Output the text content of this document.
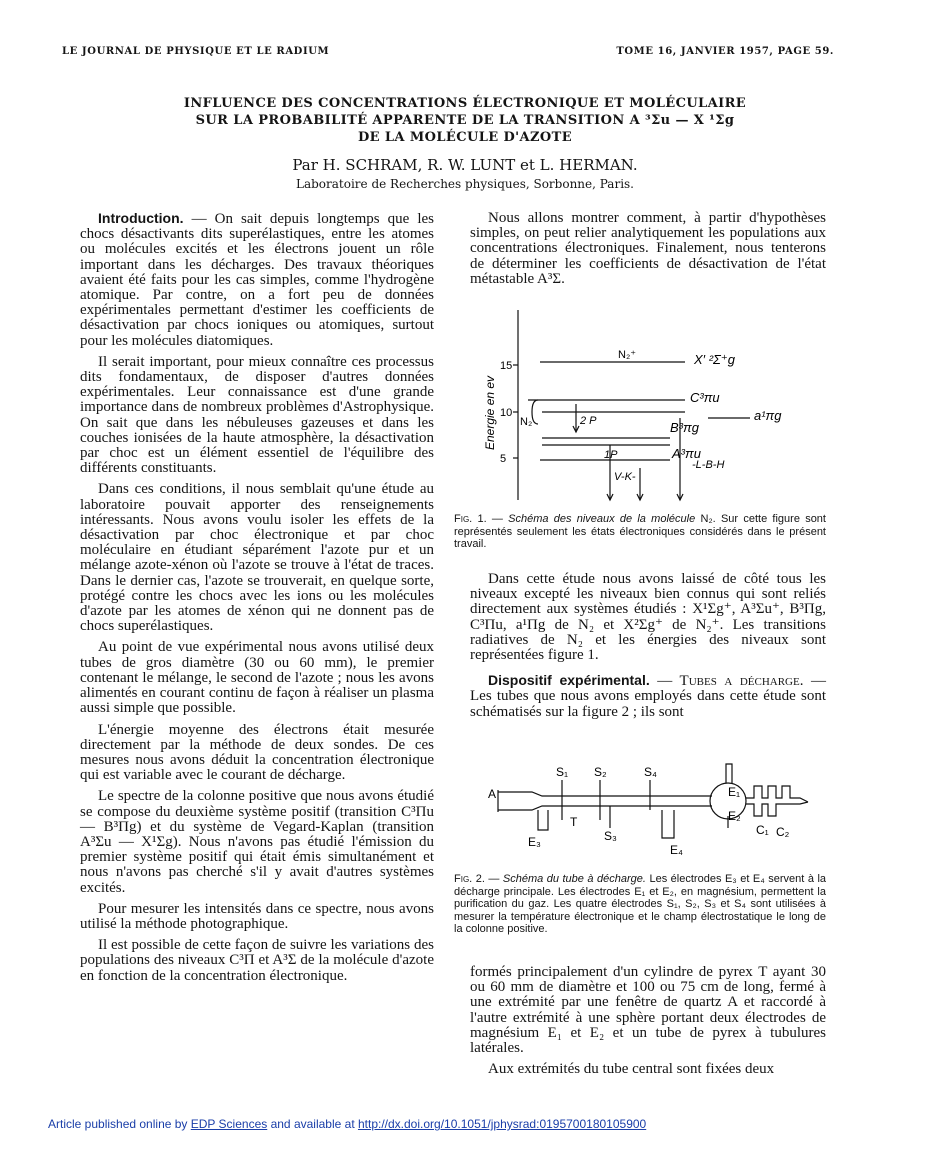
LE JOURNAL DE PHYSIQUE ET LE RADIUM	TOME 16, JANVIER 1957, PAGE 59.
INFLUENCE DES CONCENTRATIONS ÉLECTRONIQUE ET MOLÉCULAIRE
SUR LA PROBABILITÉ APPARENTE DE LA TRANSITION A ³Σu — X ¹Σg
DE LA MOLÉCULE D'AZOTE
Par H. SCHRAM, R. W. LUNT et L. HERMAN.
Laboratoire de Recherches physiques, Sorbonne, Paris.

Introduction. — On sait depuis longtemps que les chocs désactivants dits superélastiques, entre les atomes ou molécules excités et les électrons jouent un rôle important dans les décharges. Des travaux théoriques avaient été faits pour les cas simples, comme l'hydrogène atomique. Par contre, on a fort peu de données expérimentales permettant d'estimer les coefficients de désactivation par chocs ioniques ou atomiques, surtout pour les molécules diatomiques.

Il serait important, pour mieux connaître ces processus dits fondamentaux, de disposer d'autres données expérimentales. Leur connaissance est d'une grande importance dans de nombreux problèmes d'Astrophysique. On sait que dans les nébuleuses gazeuses et dans les couches ionisées de la haute atmosphère, la désactivation par choc est un élément essentiel de l'équilibre des différents constituants.

Dans ces conditions, il nous semblait qu'une étude au laboratoire pouvait apporter des renseignements intéressants. Nous avons voulu isoler les effets de la désactivation par choc électronique et par choc moléculaire en étudiant séparément l'azote pur et un mélange azote-xénon où l'azote se trouve à l'état de traces. Dans le dernier cas, l'azote se trouverait, en quelque sorte, protégé contre les chocs avec les ions ou les molécules d'azote par les atomes de xénon qui ne donnent pas de chocs superélastiques.

Au point de vue expérimental nous avons utilisé deux tubes de gros diamètre (30 ou 60 mm), le premier contenant le mélange, le second de l'azote ; nous les avons alimentés en courant continu de façon à réaliser un plasma aussi simple que possible.

L'énergie moyenne des électrons était mesurée directement par la méthode de deux sondes. De ces mesures nous avons déduit la concentration électronique qui est variable avec le courant de décharge.

Le spectre de la colonne positive que nous avons étudié se compose du deuxième système positif (transition C³Πu — B³Πg) et du système de Vegard-Kaplan (transition A³Σu — X¹Σg). Nous n'avons pas étudié l'émission du premier système positif qui était émis simultanément et nous n'avons pas cherché s'il y avait d'autres systèmes excités.

Pour mesurer les intensités dans ce spectre, nous avons utilisé la méthode photographique.

Il est possible de cette façon de suivre les variations des populations des niveaux C³Π et A³Σ de la molécule d'azote en fonction de la concentration électronique.

Nous allons montrer comment, à partir d'hypothèses simples, on peut relier analytiquement les populations aux concentrations électroniques. Finalement, nous tenterons de déterminer les coefficients de désactivation de l'état métastable A³Σ.

Energie en ev
15
10
5
N₂⁺	X′ ²Σ⁺g
C³πu
a¹πg
N₂	2 P	B³πg
1P	A³πu
-L-B-H
V-K-
Fig. 1. — Schéma des niveaux de la molécule N₂. Sur cette figure sont représentés seulement les états électroniques considérés dans le présent travail.

Dans cette étude nous avons laissé de côté tous les niveaux excepté les niveaux bien connus qui sont reliés directement aux systèmes étudiés : X¹Σg⁺, A³Σu⁺, B³Πg, C³Πu, a¹Πg de N₂ et X²Σg⁺ de N₂⁺. Les transitions radiatives de N₂ et les énergies des niveaux sont représentées figure 1.

Dispositif expérimental. — Tubes a décharge. — Les tubes que nous avons employés dans cette étude sont schématisés sur la figure 2 ; ils sont

A
S₁ S₂	S₄
S₃
T
E₃
E₄
E₁
E₂
C₁ C₂
Fig. 2. — Schéma du tube à décharge. Les électrodes E₃ et E₄ servent à la décharge principale. Les électrodes E₁ et E₂, en magnésium, permettent la purification du gaz. Les quatre électrodes S₁, S₂, S₃ et S₄ sont utilisées à mesurer la température électronique et le champ électrostatique le long de la colonne positive.

formés principalement d'un cylindre de pyrex T ayant 30 ou 60 mm de diamètre et 100 ou 75 cm de long, fermé à une extrémité par une fenêtre de quartz A et raccordé à l'autre extrémité à une sphère portant deux électrodes de magnésium E₁ et E₂ et un tube de pyrex à tubulures latérales.

Aux extrémités du tube central sont fixées deux

Article published online by EDP Sciences and available at http://dx.doi.org/10.1051/jphysrad:0195700180105900
